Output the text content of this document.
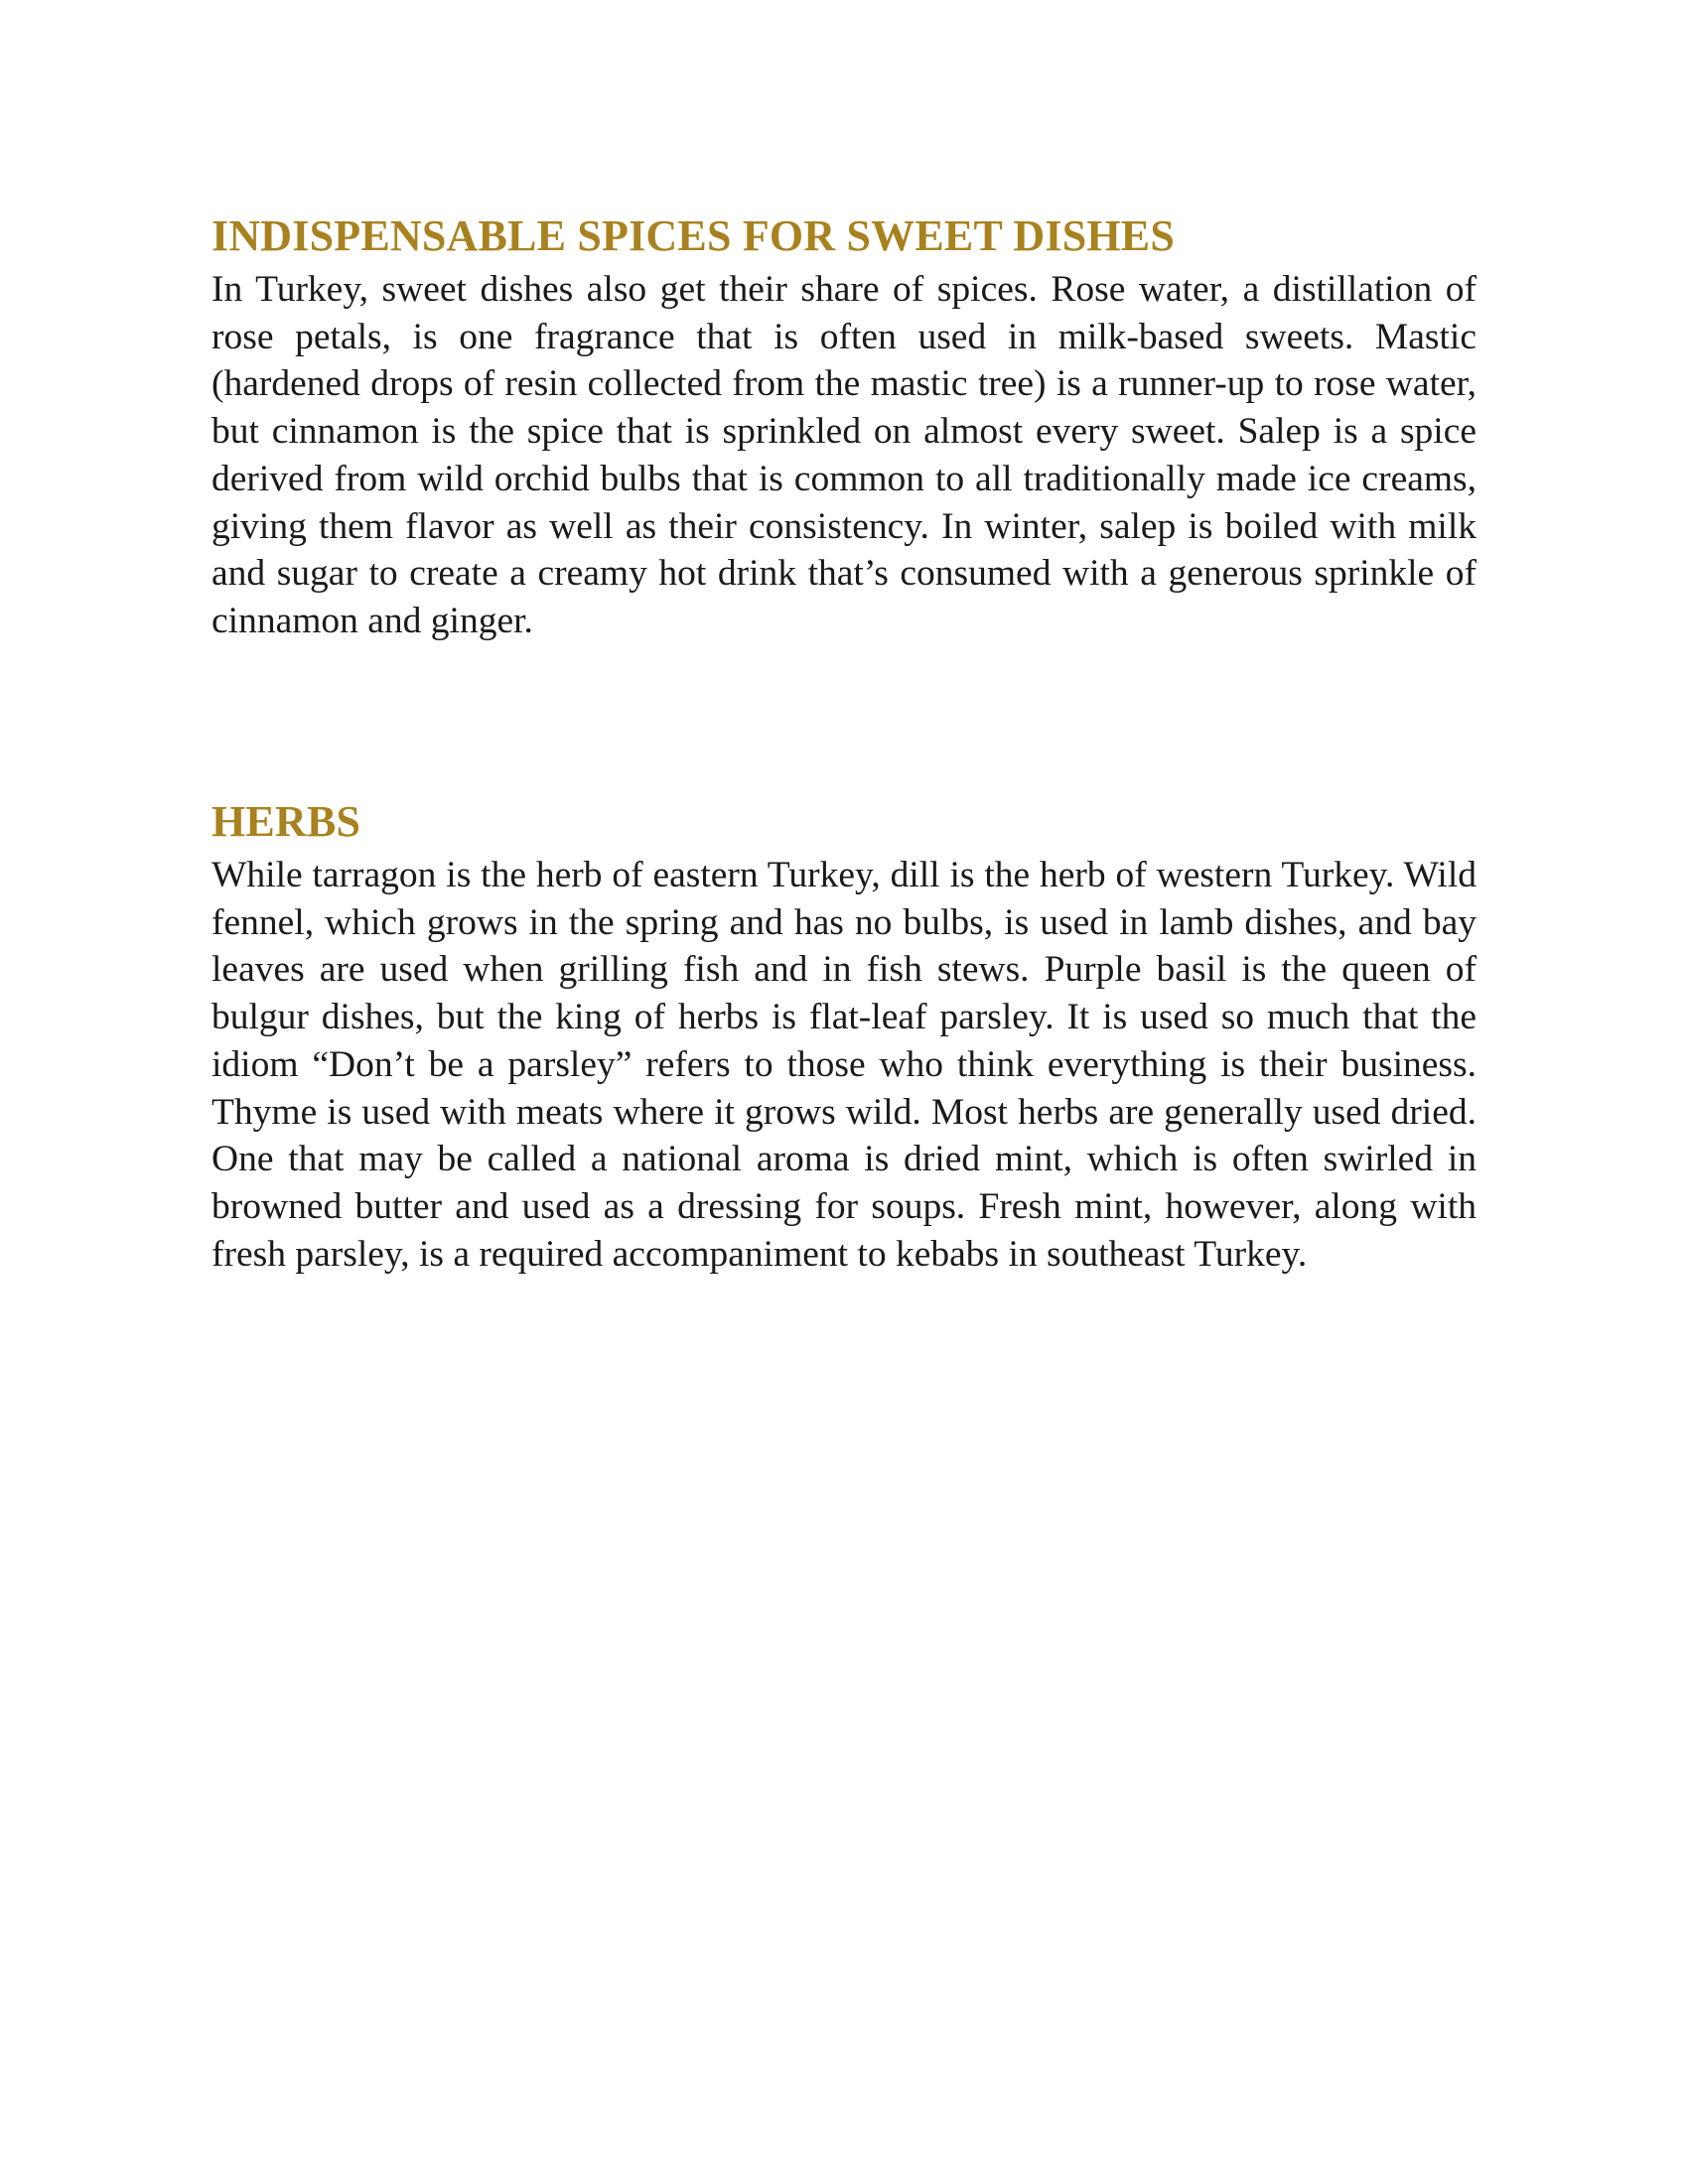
INDISPENSABLE SPICES FOR SWEET DISHES

In Turkey, sweet dishes also get their share of spices. Rose water, a distillation of rose petals, is one fragrance that is often used in milk-based sweets. Mastic (hardened drops of resin collected from the mastic tree) is a runner-up to rose water, but cinnamon is the spice that is sprinkled on almost every sweet. Salep is a spice derived from wild orchid bulbs that is common to all traditionally made ice creams, giving them flavor as well as their consistency. In winter, salep is boiled with milk and sugar to create a creamy hot drink that’s consumed with a generous sprinkle of cinnamon and ginger.

HERBS

While tarragon is the herb of eastern Turkey, dill is the herb of western Turkey. Wild fennel, which grows in the spring and has no bulbs, is used in lamb dishes, and bay leaves are used when grilling fish and in fish stews. Purple basil is the queen of bulgur dishes, but the king of herbs is flat-leaf parsley. It is used so much that the idiom “Don’t be a parsley” refers to those who think everything is their business. Thyme is used with meats where it grows wild. Most herbs are generally used dried. One that may be called a national aroma is dried mint, which is often swirled in browned butter and used as a dressing for soups. Fresh mint, however, along with fresh parsley, is a required accompaniment to kebabs in southeast Turkey.
